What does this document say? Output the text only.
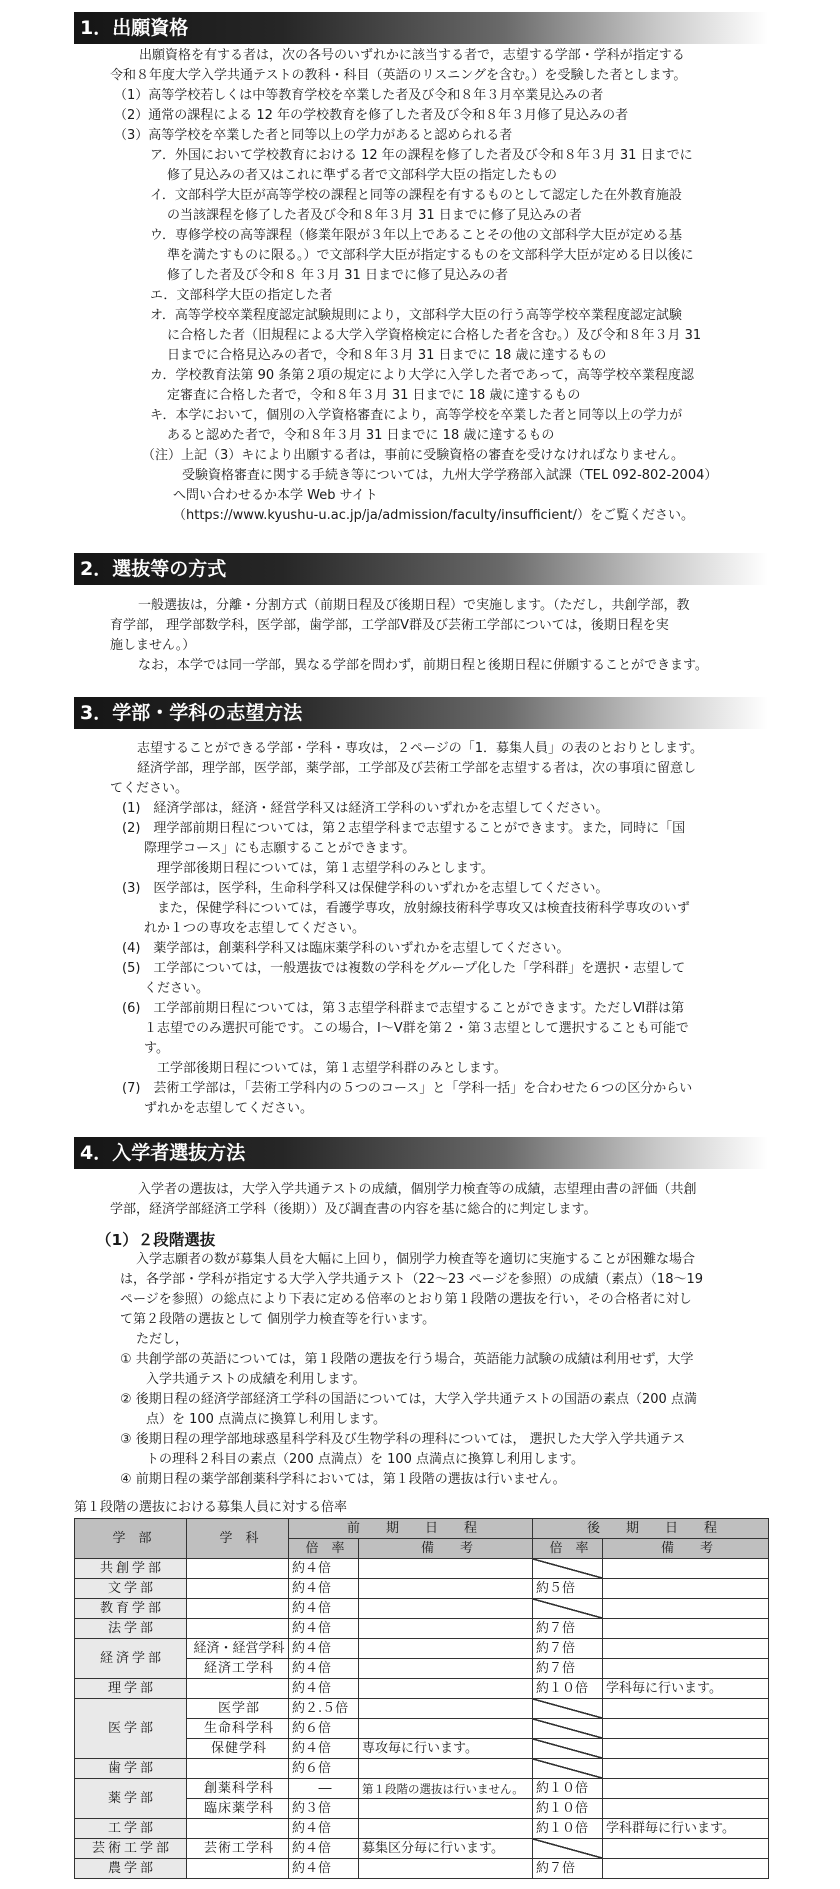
1．出願資格
出願資格を有する者は，次の各号のいずれかに該当する者で，志望する学部・学科が指定する
令和８年度大学入学共通テストの教科・科目（英語のリスニングを含む。）を受験した者とします。
（1）高等学校若しくは中等教育学校を卒業した者及び令和８年３月卒業見込みの者
（2）通常の課程による 12 年の学校教育を修了した者及び令和８年３月修了見込みの者
（3）高等学校を卒業した者と同等以上の学力があると認められる者
ア．外国において学校教育における 12 年の課程を修了した者及び令和８年３月 31 日までに
修了見込みの者又はこれに準ずる者で文部科学大臣の指定したもの
イ．文部科学大臣が高等学校の課程と同等の課程を有するものとして認定した在外教育施設
の当該課程を修了した者及び令和８年３月 31 日までに修了見込みの者
ウ．専修学校の高等課程（修業年限が３年以上であることその他の文部科学大臣が定める基
準を満たすものに限る。）で文部科学大臣が指定するものを文部科学大臣が定める日以後に
修了した者及び令和８ 年３月 31 日までに修了見込みの者
エ．文部科学大臣の指定した者
オ．高等学校卒業程度認定試験規則により，文部科学大臣の行う高等学校卒業程度認定試験
に合格した者（旧規程による大学入学資格検定に合格した者を含む。）及び令和８年３月 31
日までに合格見込みの者で，令和８年３月 31 日までに 18 歳に達するもの
カ．学校教育法第 90 条第２項の規定により大学に入学した者であって，高等学校卒業程度認
定審査に合格した者で，令和８年３月 31 日までに 18 歳に達するもの
キ．本学において，個別の入学資格審査により，高等学校を卒業した者と同等以上の学力が
あると認めた者で，令和８年３月 31 日までに 18 歳に達するもの
（注）上記（3）キにより出願する者は，事前に受験資格の審査を受けなければなりません。
受験資格審査に関する手続き等については，九州大学学務部入試課（TEL 092-802-2004）
へ問い合わせるか本学 Web サイト
（https://www.kyushu-u.ac.jp/ja/admission/faculty/insufficient/）をご覧ください。
2．選抜等の方式
一般選抜は，分離・分割方式（前期日程及び後期日程）で実施します。（ただし，共創学部，教
育学部， 理学部数学科，医学部，歯学部，工学部Ⅴ群及び芸術工学部については，後期日程を実
施しません。）
なお，本学では同一学部，異なる学部を問わず，前期日程と後期日程に併願することができます。
3．学部・学科の志望方法
志望することができる学部・学科・専攻は，２ページの「1．募集人員」の表のとおりとします。
経済学部，理学部，医学部，薬学部，工学部及び芸術工学部を志望する者は，次の事項に留意し
てください。
(1)　経済学部は，経済・経営学科又は経済工学科のいずれかを志望してください。
(2)　理学部前期日程については，第２志望学科まで志望することができます。また，同時に「国
際理学コース」にも志願することができます。
理学部後期日程については，第１志望学科のみとします。
(3)　医学部は，医学科，生命科学科又は保健学科のいずれかを志望してください。
また，保健学科については，看護学専攻，放射線技術科学専攻又は検査技術科学専攻のいず
れか１つの専攻を志望してください。
(4)　薬学部は，創薬科学科又は臨床薬学科のいずれかを志望してください。
(5)　工学部については，一般選抜では複数の学科をグループ化した「学科群」を選択・志望して
ください。
(6)　工学部前期日程については，第３志望学科群まで志望することができます。ただしⅥ群は第
１志望でのみ選択可能です。この場合，Ⅰ～Ⅴ群を第２・第３志望として選択することも可能で
す。
工学部後期日程については，第１志望学科群のみとします。
(7)　芸術工学部は，「芸術工学科内の５つのコース」と「学科一括」を合わせた６つの区分からい
ずれかを志望してください。
4．入学者選抜方法
入学者の選抜は，大学入学共通テストの成績，個別学力検査等の成績，志望理由書の評価（共創
学部，経済学部経済工学科（後期））及び調査書の内容を基に総合的に判定します。
（1）２段階選抜
入学志願者の数が募集人員を大幅に上回り，個別学力検査等を適切に実施することが困難な場合
は，各学部・学科が指定する大学入学共通テスト（22～23 ページを参照）の成績（素点）（18～19
ページを参照）の総点により下表に定める倍率のとおり第１段階の選抜を行い，その合格者に対し
て第２段階の選抜として 個別学力検査等を行います。
ただし，
① 共創学部の英語については，第１段階の選抜を行う場合，英語能力試験の成績は利用せず，大学
入学共通テストの成績を利用します。
② 後期日程の経済学部経済工学科の国語については，大学入学共通テストの国語の素点（200 点満
点）を 100 点満点に換算し利用します。
③ 後期日程の理学部地球惑星科学科及び生物学科の理科については， 選択した大学入学共通テス
トの理科２科目の素点（200 点満点）を 100 点満点に換算し利用します。
④ 前期日程の薬学部創薬科学科においては，第１段階の選抜は行いません。
第１段階の選抜における募集人員に対する倍率
学　部	学　科	前　　期　　日　　程		後　　期　　日　　程	
		倍　率	備　　考	倍　率	備　　考
共創学部		約４倍			
文学部		約４倍		約５倍	
教育学部		約４倍			
法学部		約４倍		約７倍	
経済学部	経済・経営学科	約４倍		約７倍	
	経済工学科	約４倍		約７倍	
理学部		約４倍		約１０倍	学科毎に行います。
医学部	医学部	約２.５倍			
	生命科学科	約６倍			
	保健学科	約４倍	専攻毎に行います。		
歯学部		約６倍			
薬学部	創薬科学科	―	第１段階の選抜は行いません。	約１０倍	
	臨床薬学科	約３倍		約１０倍	
工学部		約４倍		約１０倍	学科群毎に行います。
芸術工学部	芸術工学科	約４倍	募集区分毎に行います。		
農学部		約４倍		約７倍	
